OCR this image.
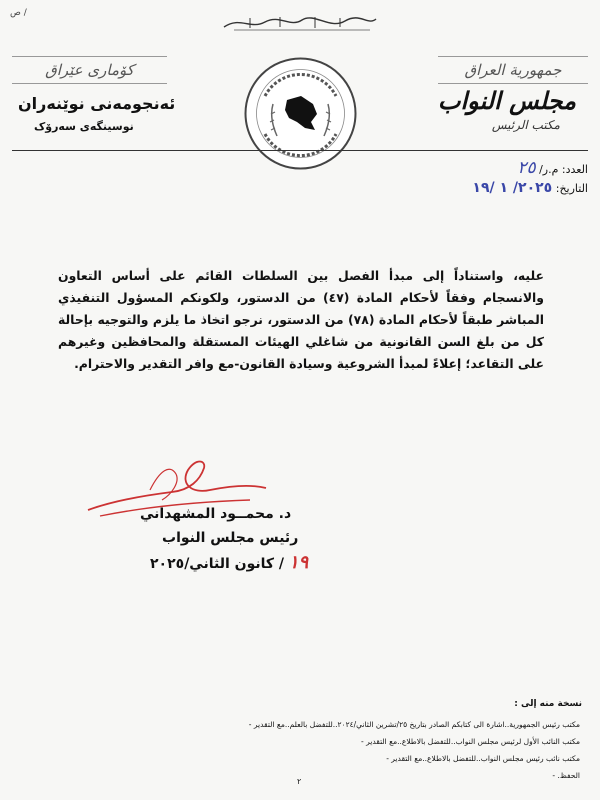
ص /
كۆماری عێراق
ئەنجومەنی نوێنەران
نوسینگەی سەرۆک
جمهورية العراق
مجلس النواب
مكتب الرئيس
العدد: م.ر/ ٢٥
التاريخ: ٢٠٢٥/ ١ /١٩
عليه، واستناداً إلى مبدأ الفصل بين السلطات القائم على أساس التعاون والانسجام وفقاً لأحكام المادة (٤٧) من الدستور، ولكونكم المسؤول التنفيذي المباشر طبقاً لأحكام المادة (٧٨) من الدستور، نرجو اتخاذ ما يلزم والتوجيه بإحالة كل من بلغ السن القانونية من شاغلي الهيئات المستقلة والمحافظين وغيرهم على التقاعد؛ إعلاءً لمبدأ الشروعية وسيادة القانون-مع وافر التقدير والاحترام.
د. محمــود المشهداني
رئيس مجلس النواب
١٩ / كانون الثاني/٢٠٢٥
نسخة منه إلى :
مكتب رئيس الجمهورية..اشارة الى كتابكم الصادر بتاريخ ٢٥/تشرين الثاني/٢٠٢٤..للتفضل بالعلم..مع التقدير -
مكتب النائب الأول لرئيس مجلس النواب..للتفضل بالاطلاع..مع التقدير -
مكتب نائب رئيس مجلس النواب..للتفضل بالاطلاع..مع التقدير -
الحفظ. -
٢
